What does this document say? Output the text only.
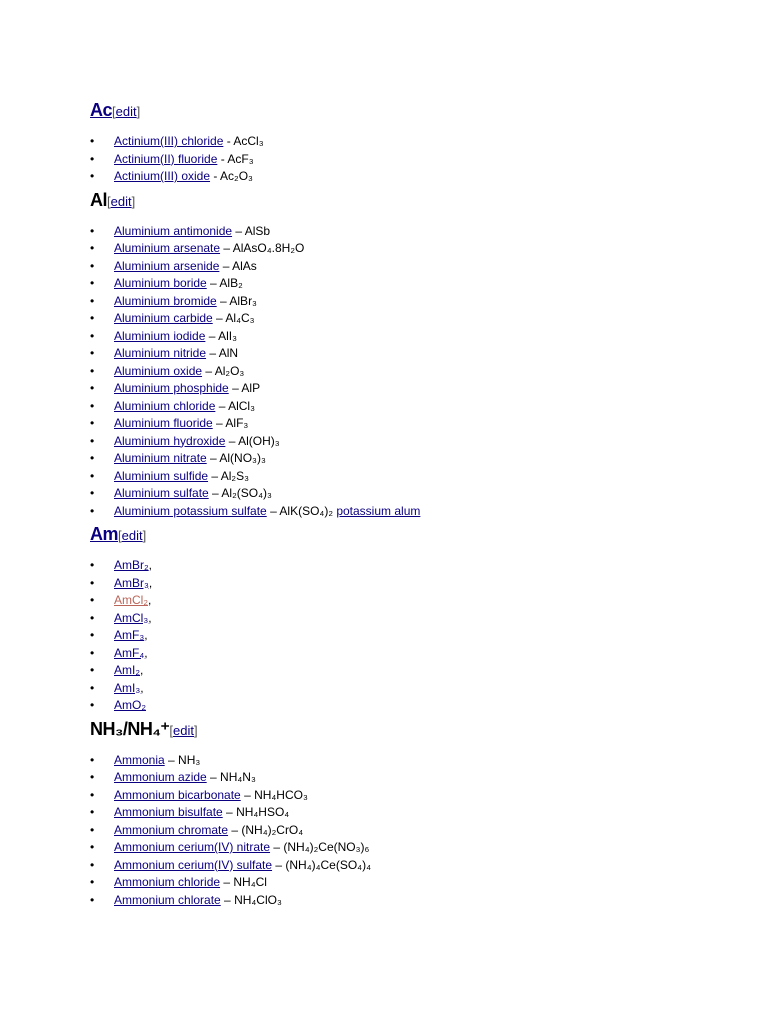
Ac[edit]
•	Actinium(III) chloride - AcCl₃
•	Actinium(II) fluoride - AcF₃
•	Actinium(III) oxide - Ac₂O₃
Al[edit]
•	Aluminium antimonide – AlSb
•	Aluminium arsenate – AlAsO₄.8H₂O
•	Aluminium arsenide – AlAs
•	Aluminium boride – AlB₂
•	Aluminium bromide – AlBr₃
•	Aluminium carbide – Al₄C₃
•	Aluminium iodide – AlI₃
•	Aluminium nitride – AlN
•	Aluminium oxide – Al₂O₃
•	Aluminium phosphide – AlP
•	Aluminium chloride – AlCl₃
•	Aluminium fluoride – AlF₃
•	Aluminium hydroxide – Al(OH)₃
•	Aluminium nitrate – Al(NO₃)₃
•	Aluminium sulfide – Al₂S₃
•	Aluminium sulfate – Al₂(SO₄)₃
•	Aluminium potassium sulfate – AlK(SO₄)₂ potassium alum
Am[edit]
•	AmBr₂,
•	AmBr₃,
•	AmCl₂,
•	AmCl₃,
•	AmF₃,
•	AmF₄,
•	AmI₂,
•	AmI₃,
•	AmO₂
NH₃/NH₄⁺[edit]
•	Ammonia – NH₃
•	Ammonium azide – NH₄N₃
•	Ammonium bicarbonate – NH₄HCO₃
•	Ammonium bisulfate – NH₄HSO₄
•	Ammonium chromate – (NH₄)₂CrO₄
•	Ammonium cerium(IV) nitrate – (NH₄)₂Ce(NO₃)₆
•	Ammonium cerium(IV) sulfate – (NH₄)₄Ce(SO₄)₄
•	Ammonium chloride – NH₄Cl
•	Ammonium chlorate – NH₄ClO₃
